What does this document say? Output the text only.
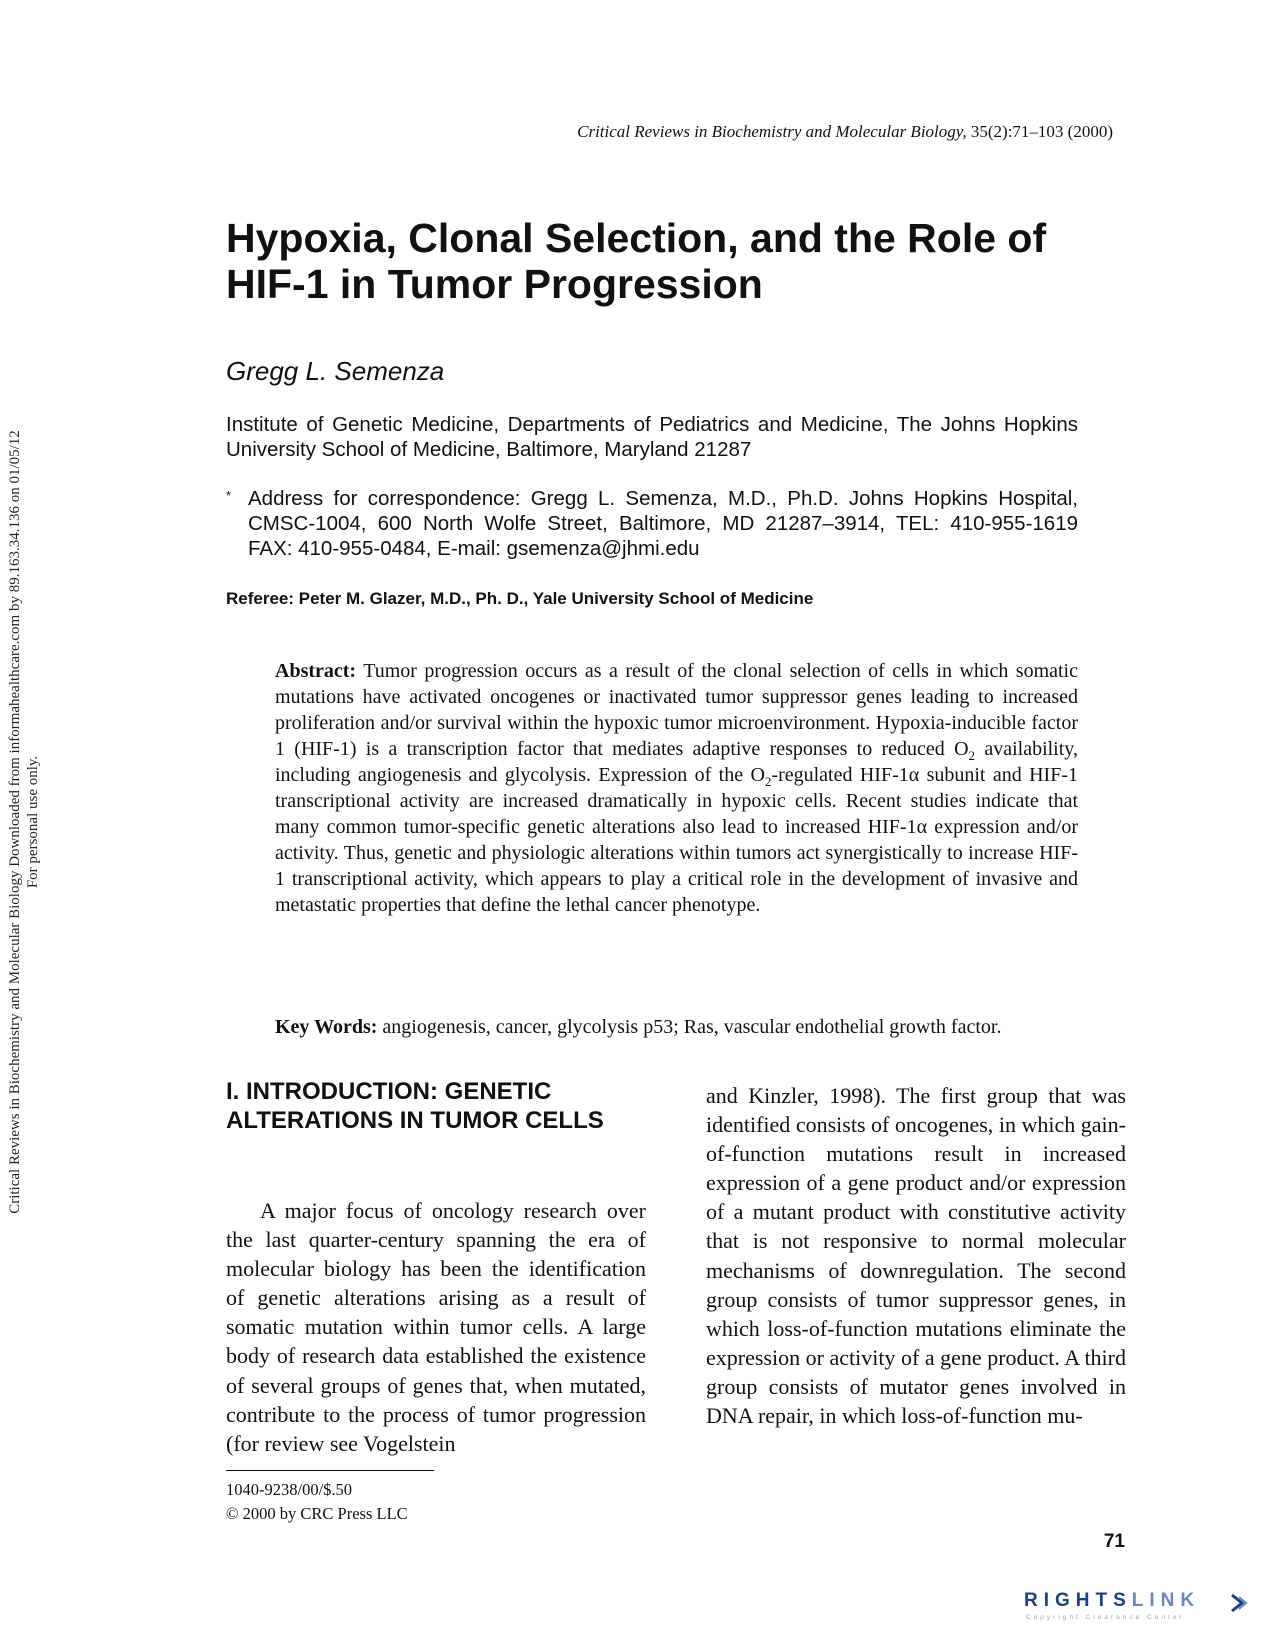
Critical Reviews in Biochemistry and Molecular Biology, 35(2):71–103 (2000)
Hypoxia, Clonal Selection, and the Role of HIF-1 in Tumor Progression
Gregg L. Semenza
Institute of Genetic Medicine, Departments of Pediatrics and Medicine, The Johns Hopkins University School of Medicine, Baltimore, Maryland 21287
* Address for correspondence: Gregg L. Semenza, M.D., Ph.D. Johns Hopkins Hospital, CMSC-1004, 600 North Wolfe Street, Baltimore, MD 21287–3914, TEL: 410-955-1619 FAX: 410-955-0484, E-mail: gsemenza@jhmi.edu
Referee: Peter M. Glazer, M.D., Ph. D., Yale University School of Medicine

Abstract: Tumor progression occurs as a result of the clonal selection of cells in which somatic mutations have activated oncogenes or inactivated tumor suppressor genes leading to increased proliferation and/or survival within the hypoxic tumor microenvironment. Hypoxia-inducible factor 1 (HIF-1) is a transcription factor that mediates adaptive responses to reduced $O_2$ availability, including angiogenesis and glycolysis. Expression of the $O_2$-regulated HIF-1α subunit and HIF-1 transcriptional activity are increased dramatically in hypoxic cells. Recent studies indicate that many common tumor-specific genetic alterations also lead to increased HIF-1α expression and/or activity. Thus, genetic and physiologic alterations within tumors act synergistically to increase HIF-1 transcriptional activity, which appears to play a critical role in the development of invasive and metastatic properties that define the lethal cancer phenotype.

Key Words: angiogenesis, cancer, glycolysis p53; Ras, vascular endothelial growth factor.

I. INTRODUCTION: GENETIC ALTERATIONS IN TUMOR CELLS

A major focus of oncology research over the last quarter-century spanning the era of molecular biology has been the identification of genetic alterations arising as a result of somatic mutation within tumor cells. A large body of research data established the existence of several groups of genes that, when mutated, contribute to the process of tumor progression (for review see Vogelstein

and Kinzler, 1998). The first group that was identified consists of oncogenes, in which gain-of-function mutations result in increased expression of a gene product and/or expression of a mutant product with constitutive activity that is not responsive to normal molecular mechanisms of downregulation. The second group consists of tumor suppressor genes, in which loss-of-function mutations eliminate the expression or activity of a gene product. A third group consists of mutator genes involved in DNA repair, in which loss-of-function mu-

1040-9238/00/$.50
© 2000 by CRC Press LLC
71
Critical Reviews in Biochemistry and Molecular Biology Downloaded from informahealthcare.com by 89.163.34.136 on 01/05/12 For personal use only.
RIGHTSLINK
Copyright Clearance Center
